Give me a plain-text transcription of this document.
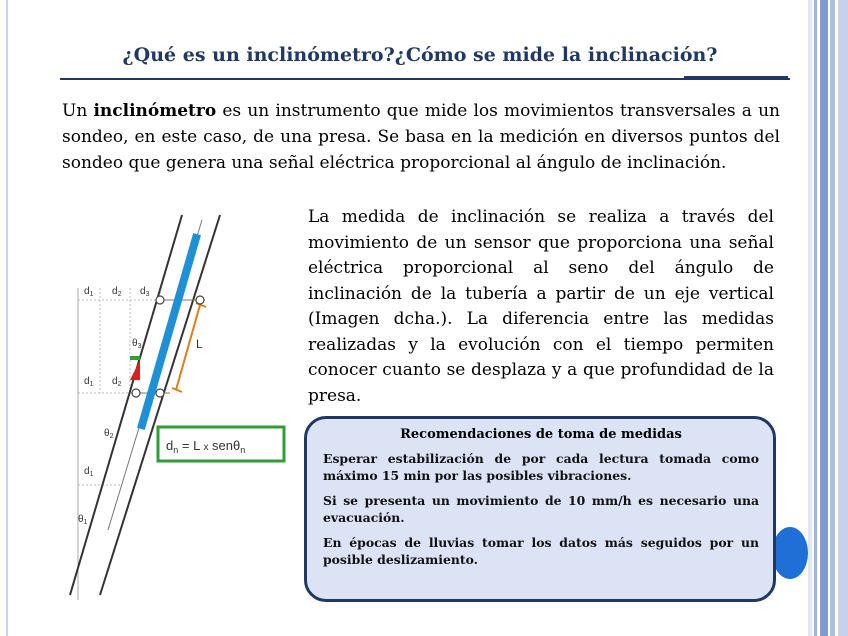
¿Qué es un inclinómetro?¿Cómo se mide la inclinación?
Un inclinómetro es un instrumento que mide los movimientos transversales a un sondeo, en este caso, de una presa. Se basa en la medición en diversos puntos del sondeo que genera una señal eléctrica proporcional al ángulo de inclinación.
La medida de inclinación se realiza a través del movimiento de un sensor que proporciona una señal eléctrica proporcional al seno del ángulo de inclinación de la tubería a partir de un eje vertical (Imagen dcha.). La diferencia entre las medidas realizadas y la evolución con el tiempo permiten conocer cuanto se desplaza y a que profundidad de la presa.
L
$d_1$ $d_2$ $d_3$
$d_1$ $d_2$
$d_1$
$\theta_3$
$\theta_2$
$\theta_1$
$d_n = L$ x senθ$_n$
Recomendaciones de toma de medidas
Esperar estabilización de por cada lectura tomada como máximo 15 min por las posibles vibraciones.
Si se presenta un movimiento de 10 mm/h es necesario una evacuación.
En épocas de lluvias tomar los datos más seguidos por un posible deslizamiento.
